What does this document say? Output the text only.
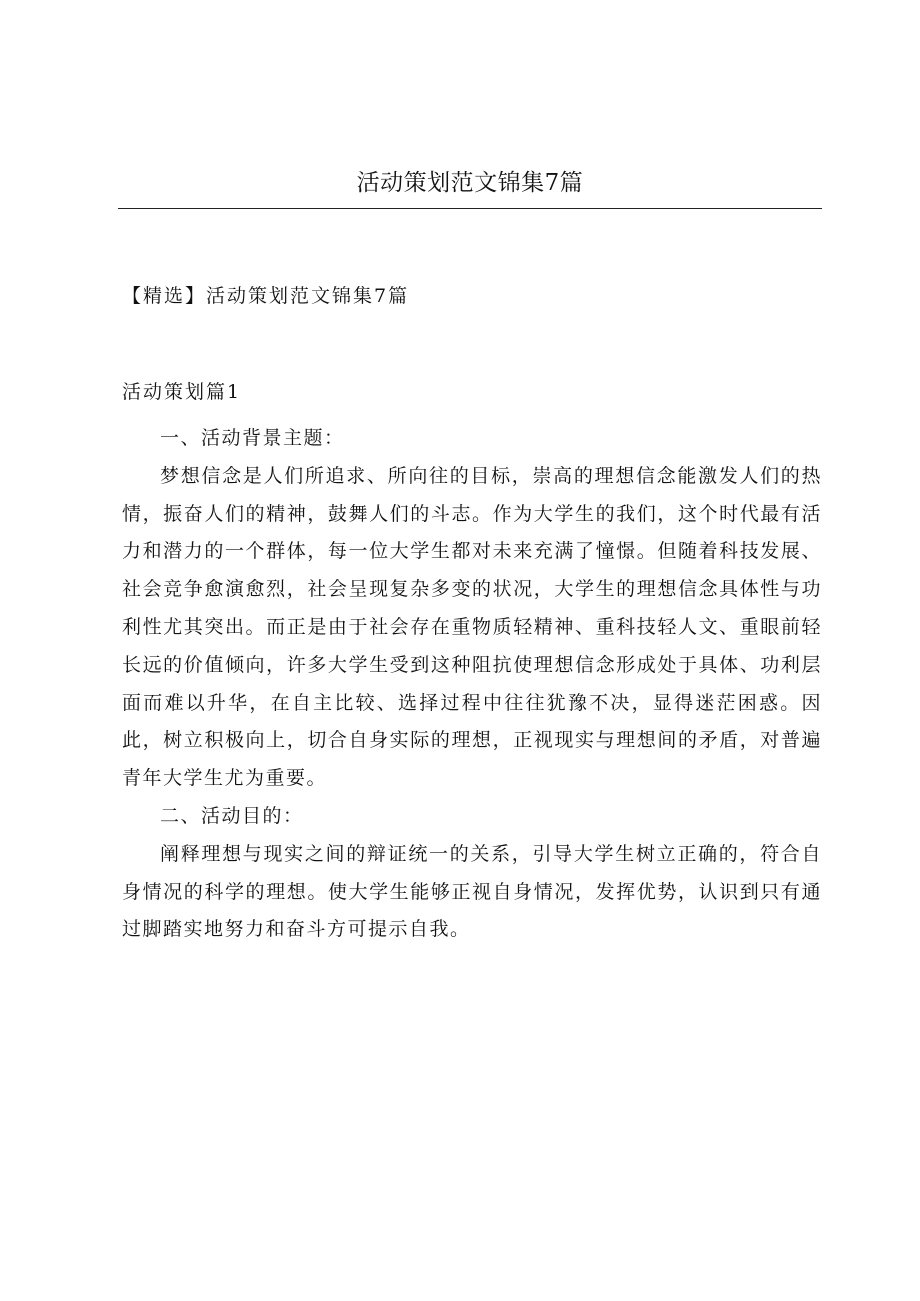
活动策划范文锦集7篇
【精选】活动策划范文锦集7篇
活动策划篇1

一、活动背景主题：

梦想信念是人们所追求、所向往的目标，崇高的理想信念能激发人们的热情，振奋人们的精神，鼓舞人们的斗志。作为大学生的我们，这个时代最有活力和潜力的一个群体，每一位大学生都对未来充满了憧憬。但随着科技发展、社会竞争愈演愈烈，社会呈现复杂多变的状况，大学生的理想信念具体性与功利性尤其突出。而正是由于社会存在重物质轻精神、重科技轻人文、重眼前轻长远的价值倾向，许多大学生受到这种阻抗使理想信念形成处于具体、功利层面而难以升华，在自主比较、选择过程中往往犹豫不决，显得迷茫困惑。因此，树立积极向上，切合自身实际的理想，正视现实与理想间的矛盾，对普遍青年大学生尤为重要。

二、活动目的：

阐释理想与现实之间的辩证统一的关系，引导大学生树立正确的，符合自身情况的科学的理想。使大学生能够正视自身情况，发挥优势，认识到只有通过脚踏实地努力和奋斗方可提示自我。
